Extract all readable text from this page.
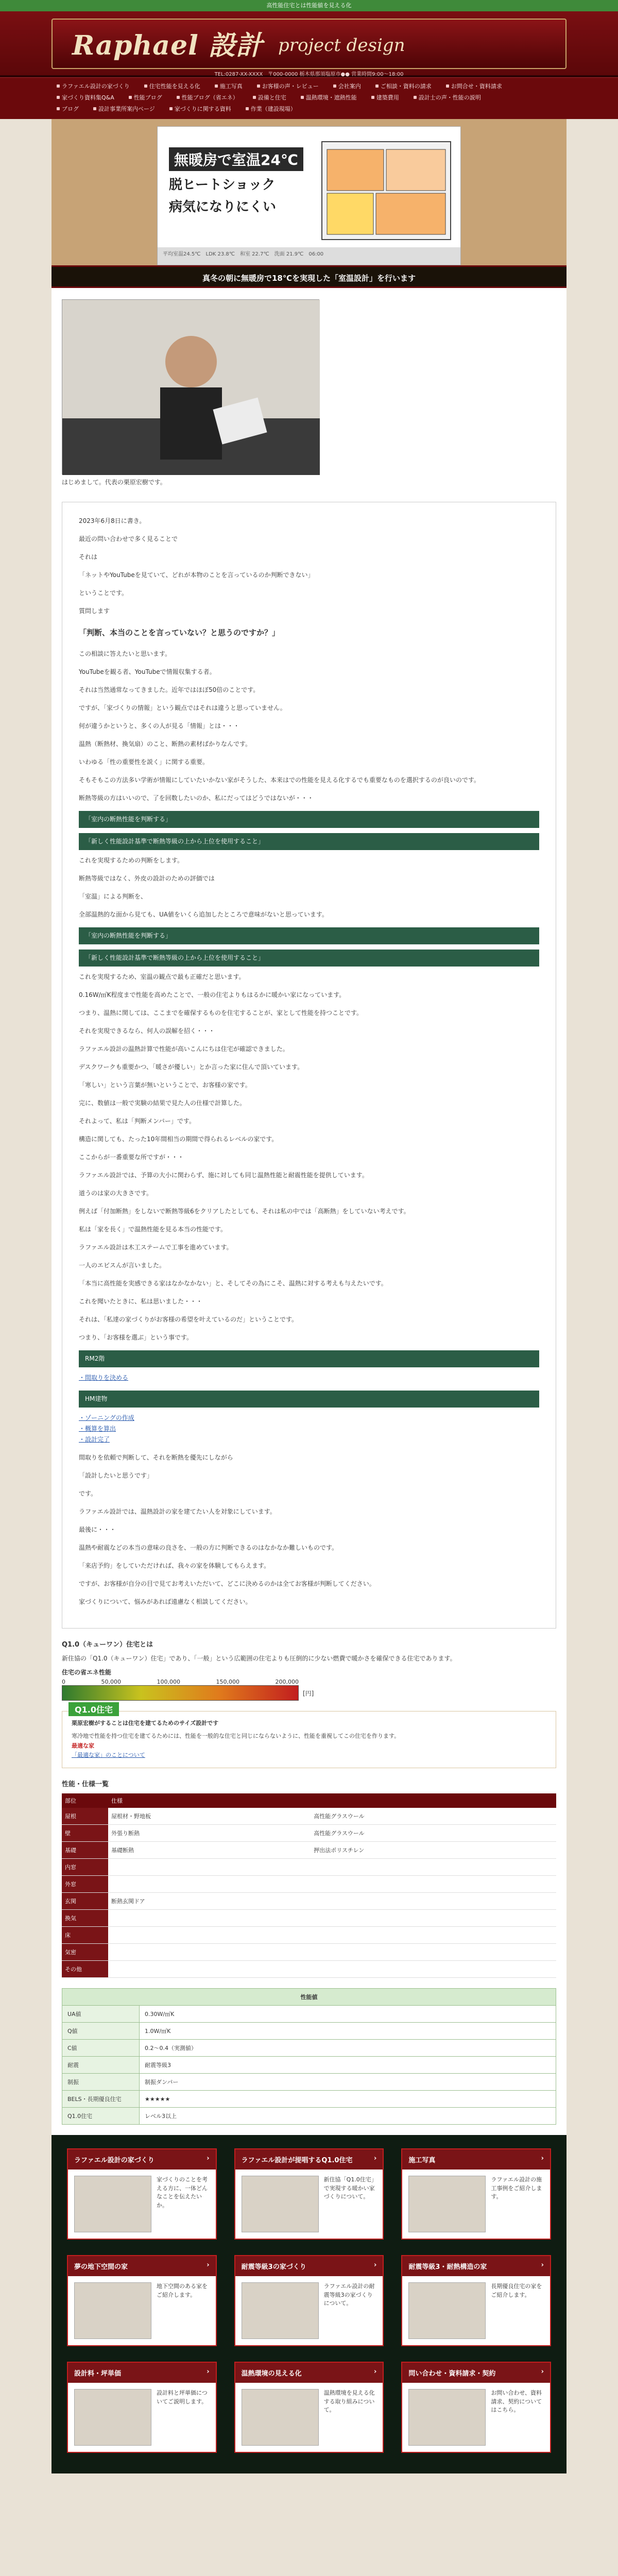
高性能住宅とは性能値を見える化
Raphael 設計 project design
TEL:0287-XX-XXXX　〒000-0000 栃木県那須塩原市●● 営業時間9:00〜18:00
ラファエル設計の家づくり	住宅性能を見える化	施工写真	お客様の声・レビュー	会社案内	ご相談・資料の請求	お問合せ・資料請求
家づくり資料集Q&A	性能ブログ	性能ブログ（省エネ）	設備と住宅	温熱環境・遮熱性能	建築費用	設計士の声・性能の説明
ブログ	設計事業所案内ページ	家づくりに関する資料	作業（建設現場）
無暖房で室温24℃
脱ヒートショック
病気になりにくい
平均室温24.5℃　LDK 23.8℃　和室 22.7℃　洗面 21.9℃　06:00
真冬の朝に無暖房で18℃を実現した「室温設計」を行います
はじめまして。代表の栗原宏樹です。

2023年6月8日に書き。

最近の問い合わせで多く見ることで

それは

「ネットやYouTubeを見ていて、どれが本物のことを言っているのか判断できない」

ということです。

質問します

「判断、本当のことを言っていない？と思うのですか？」

この相談に答えたいと思います。

YouTubeを観る者、YouTubeで情報収集する者。

それは当然通常なってきました。近年ではほぼ50倍のことです。

ですが、「家づくりの情報」という観点ではそれは違うと思っていません。

何が違うかというと、多くの人が見る「情報」とは・・・

温熱（断熱材、換気扇）のこと、断熱の素材ばかりなんです。

いわゆる「性の重要性を説く」に関する重要。

そもそもこの方法多い学術が情報にしていたいかない家がそうした、本来はでの性能を見える化するでも重要なものを選択するのが良いのです。

断熱等級の方はいいので、了を回数したいのか、私にだってはどうではないが・・・

「室内の断熱性能を判断する」
「新しく性能設計基準で断熱等級の上から上位を使用すること」

これを実現するための判断をします。

断熱等級ではなく、外皮の設計のための評価では

「室温」による判断を、

全部温熱的な面から見ても、UA値をいくら追加したところで意味がないと思っています。

「室内の断熱性能を判断する」
「新しく性能設計基準で断熱等級の上から上位を使用すること」

これを実現するため、室温の観点で最も正確だと思います。

0.16W/㎡K程度まで性能を高めたことで、一般の住宅よりもはるかに暖かい家になっています。

つまり、温熱に関しては、ここまでを確保するものを住宅することが、家として性能を持つことです。

それを実現できるなら、何人の誤解を招く・・・

ラファエル設計の温熱計算で性能が高いこんにちは住宅が確認できました。

デスクワークも重要かつ、「暖さが優しい」とか言った家に住んで頂いています。

「寒しい」という言葉が無いということで、お客様の家です。

完に、数値は一般で実験の結果で見た人の仕様で計算した。

それよって、私は「判断メンバー」です。

構造に関しても、たった10年間相当の期間で得られるレベルの家です。

ここからが一番重要な所ですが・・・

ラファエル設計では、予算の大小に関わらず、施に対しても同じ温熱性能と耐震性能を提供しています。

道うのは家の大きさです。

例えば「付加断熱」をしないで断熱等級6をクリアしたとしても、それは私の中では「高断熱」をしていない考えです。

私は「家を長く」で温熱性能を見る本当の性能です。

ラファエル設計は木工ステームで工事を進めています。

一人のエビスんが言いました。

「本当に高性能を実感できる家はなかなかない」と、そしてその為にこそ、温熱に対する考えも与えたいです。

これを聞いたときに、私は思いました・・・

それは、「私達の家づくりがお客様の希望を叶えているのだ」ということです。

つまり、「お客様を選ぶ」という事です。

RM2階

・間取りを決める

HM建物

・ゾーニングの作成
・概算を算出
・設計完了

間取りを依頼で判断して、それを断熱を優先にしながら

「設計したいと思うです」

です。

ラファエル設計では、温熱設計の家を建てたい人を対象にしています。

最後に・・・

温熱や耐震などの本当の意味の良さを、一般の方に判断できるのはなかなか難しいものです。

「来店予約」をしていただければ、我々の家を体験してもらえます。

ですが、お客様が自分の目で見てお考えいただいて、どこに決めるのかは全てお客様が判断してください。

家づくりについて、悩みがあれば遠慮なく相談してください。

Q1.0（キューワン）住宅とは

新住協の「Q1.0（キューワン）住宅」であり、「一般」という広範囲の住宅よりも圧倒的に少ない燃費で暖かさを確保できる住宅であります。

住宅の省エネ性能
0	50,000	100,000	150,000	200,000
Q1.0住宅
[円]
栗原宏樹がすることは住宅を建てるためのサイズ設計です

寒冷地で性能を持つ住宅を建てるためには、性能を一般的な住宅と同じにならないように、性能を重視してこの住宅を作ります。

最適な家

「最適な家」のことについて

性能・仕様一覧
部位	仕様			
屋根	屋根材・野地板		高性能グラスウール	
壁	外張り断熱		高性能グラスウール	
基礎	基礎断熱		押出法ポリスチレン	
内窓				
外窓				
玄関	断熱玄関ドア			
換気				
床				
気密				
その他				
性能値	
UA値	0.30W/㎡K
Q値	1.0W/㎡K
C値	0.2〜0.4（実測値）
耐震	耐震等級3
制振	制振ダンパー
BELS・長期優良住宅	★★★★★
Q1.0住宅	レベル3以上
ラファエル設計の家づくり	›
家づくりのことを考える方に、一体どんなことを伝えたいか。
ラファエル設計が提唱するQ1.0住宅	›
新住協「Q1.0住宅」で実現する暖かい家づくりについて。
施工写真	›
ラファエル設計の施工事例をご紹介します。
夢の地下空間の家	›
地下空間のある家をご紹介します。
耐震等級3の家づくり	›
ラファエル設計の耐震等級3の家づくりについて。
耐震等級3・耐熱構造の家	›
長期優良住宅の家をご紹介します。
設計料・坪単価	›
設計料と坪単価についてご説明します。
温熱環境の見える化	›
温熱環境を見える化する取り組みについて。
問い合わせ・資料請求・契約	›
お問い合わせ、資料請求、契約についてはこちら。
